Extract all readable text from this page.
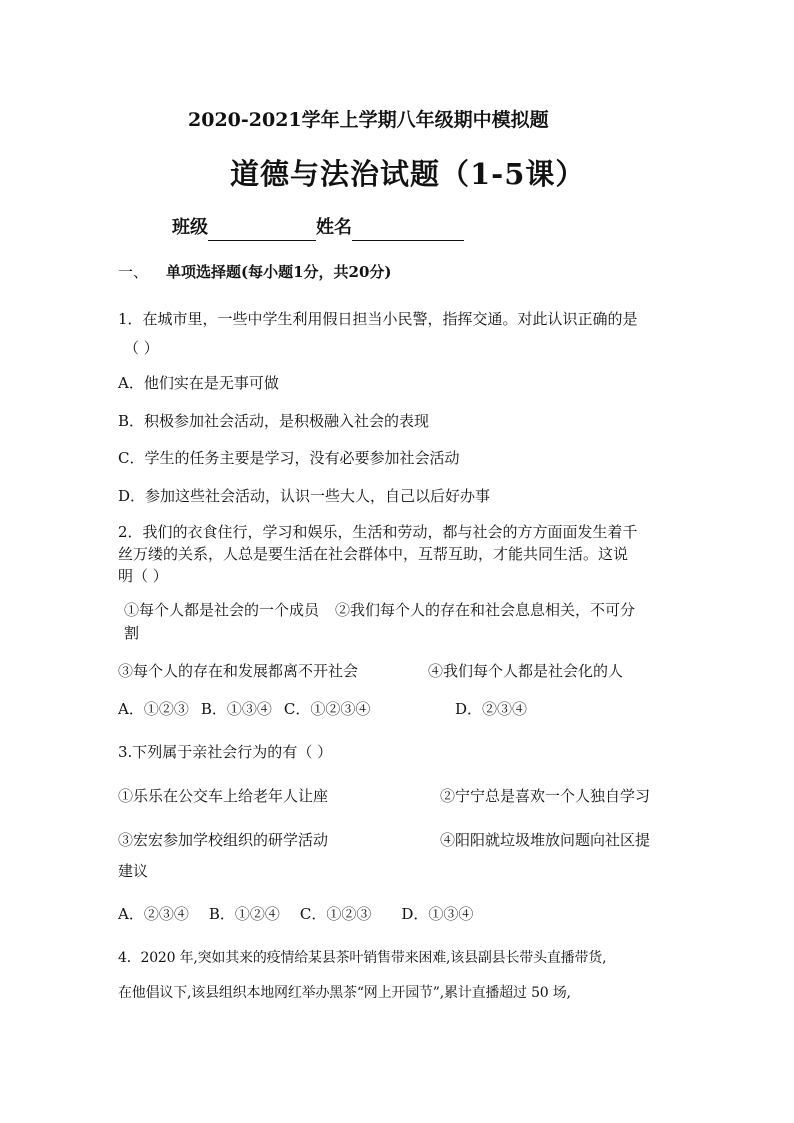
2020-2021学年上学期八年级期中模拟题
道德与法治试题（1-5课）
班级	姓名
一、 单项选择题(每小题1分，共20分)
1．在城市里，一些中学生利用假日担当小民警，指挥交通。对此认识正确的是
（ ）
A．他们实在是无事可做
B．积极参加社会活动，是积极融入社会的表现
C．学生的任务主要是学习，没有必要参加社会活动
D．参加这些社会活动，认识一些大人，自己以后好办事
2．我们的衣食住行，学习和娱乐，生活和劳动，都与社会的方方面面发生着千
丝万缕的关系，人总是要生活在社会群体中，互帮互助，才能共同生活。这说
明（ ）
①每个人都是社会的一个成员 ②我们每个人的存在和社会息息相关，不可分
割
③每个人的存在和发展都离不开社会	④我们每个人都是社会化的人
A．①②③ B．①③④ C．①②③④	D．②③④
3.下列属于亲社会行为的有（ ）
①乐乐在公交车上给老年人让座	②宁宁总是喜欢一个人独自学习
③宏宏参加学校组织的研学活动	④阳阳就垃圾堆放问题向社区提
建议
A．②③④ B．①②④ C．①②③ D．①③④
4．2020 年,突如其来的疫情给某县茶叶销售带来困难,该县副县长带头直播带货,
在他倡议下,该县组织本地网红举办黑茶“网上开园节”,累计直播超过 50 场,
